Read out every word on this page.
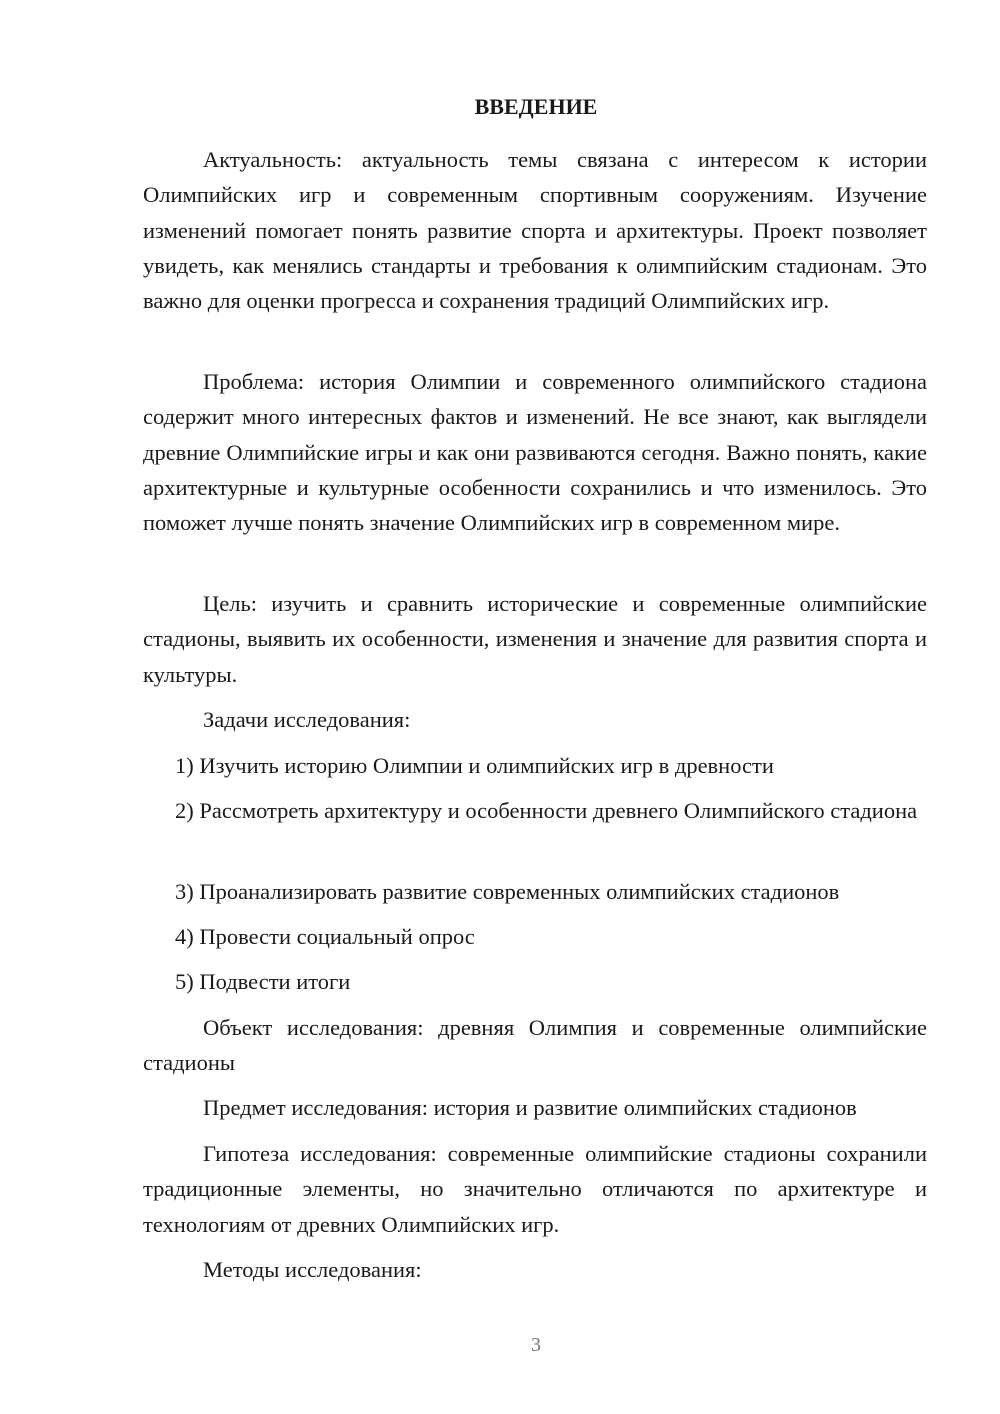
ВВЕДЕНИЕ

Актуальность: актуальность темы связана с интересом к истории Олимпийских игр и современным спортивным сооружениям. Изучение изменений помогает понять развитие спорта и архитектуры. Проект позволяет увидеть, как менялись стандарты и требования к олимпийским стадионам. Это важно для оценки прогресса и сохранения традиций Олимпийских игр.

Проблема: история Олимпии и современного олимпийского стадиона содержит много интересных фактов и изменений. Не все знают, как выглядели древние Олимпийские игры и как они развиваются сегодня. Важно понять, какие архитектурные и культурные особенности сохранились и что изменилось. Это поможет лучше понять значение Олимпийских игр в современном мире.

Цель: изучить и сравнить исторические и современные олимпийские стадионы, выявить их особенности, изменения и значение для развития спорта и культуры.

Задачи исследования:

1) Изучить историю Олимпии и олимпийских игр в древности

2) Рассмотреть архитектуру и особенности древнего Олимпийского стадиона

3) Проанализировать развитие современных олимпийских стадионов

4) Провести социальный опрос

5) Подвести итоги

Объект исследования: древняя Олимпия и современные олимпийские стадионы

Предмет исследования: история и развитие олимпийских стадионов

Гипотеза исследования: современные олимпийские стадионы сохранили традиционные элементы, но значительно отличаются по архитектуре и технологиям от древних Олимпийских игр.

Методы исследования:

3
